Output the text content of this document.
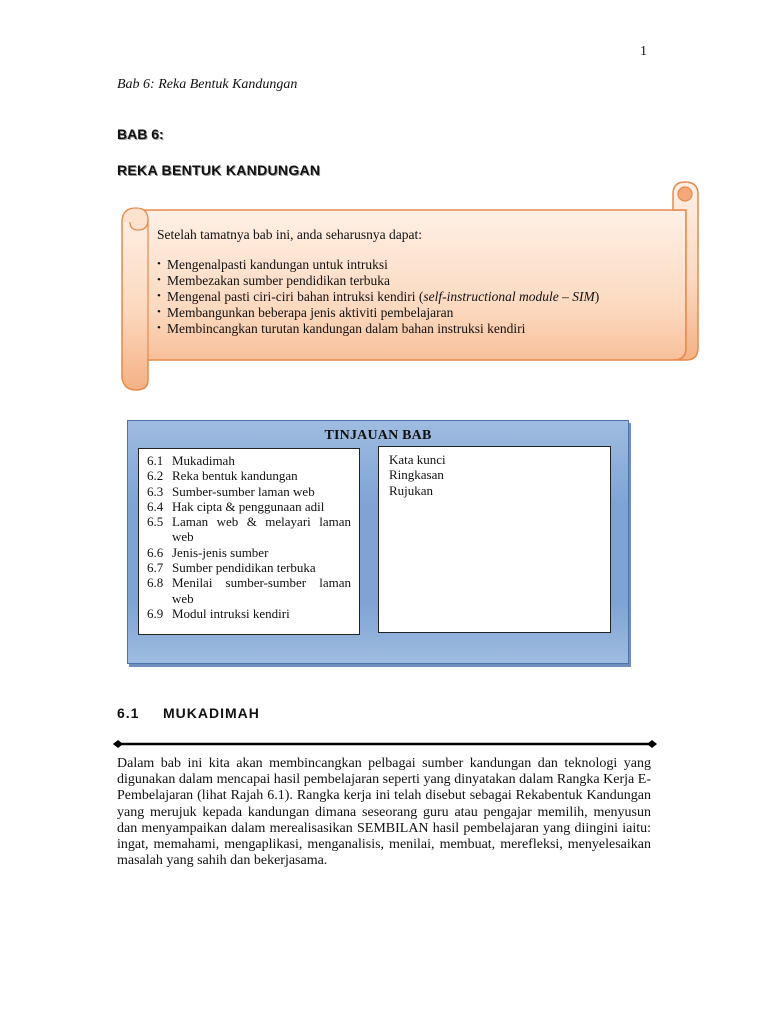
1
Bab 6: Reka Bentuk Kandungan
BAB 6:
REKA BENTUK KANDUNGAN

Setelah tamatnya bab ini, anda seharusnya dapat:

• Mengenalpasti kandungan untuk intruksi
• Membezakan sumber pendidikan terbuka
• Mengenal pasti ciri-ciri bahan intruksi kendiri (self-instructional module – SIM)
• Membangunkan beberapa jenis aktiviti pembelajaran
• Membincangkan turutan kandungan dalam bahan instruksi kendiri
TINJAUAN BAB
6.1 Mukadimah
6.2 Reka bentuk kandungan
6.3 Sumber-sumber laman web
6.4 Hak cipta & penggunaan adil
6.5 Laman web & melayari laman web
6.6 Jenis-jenis sumber
6.7 Sumber pendidikan terbuka
6.8 Menilai sumber-sumber laman web
6.9 Modul intruksi kendiri
Kata kunci
Ringkasan
Rujukan
6.1 MUKADIMAH

Dalam bab ini kita akan membincangkan pelbagai sumber kandungan dan teknologi yang digunakan dalam mencapai hasil pembelajaran seperti yang dinyatakan dalam Rangka Kerja E-Pembelajaran (lihat Rajah 6.1). Rangka kerja ini telah disebut sebagai Rekabentuk Kandungan yang merujuk kepada kandungan dimana seseorang guru atau pengajar memilih, menyusun dan menyampaikan dalam merealisasikan SEMBILAN hasil pembelajaran yang diingini iaitu: ingat, memahami, mengaplikasi, menganalisis, menilai, membuat, merefleksi, menyelesaikan masalah yang sahih dan bekerjasama.
